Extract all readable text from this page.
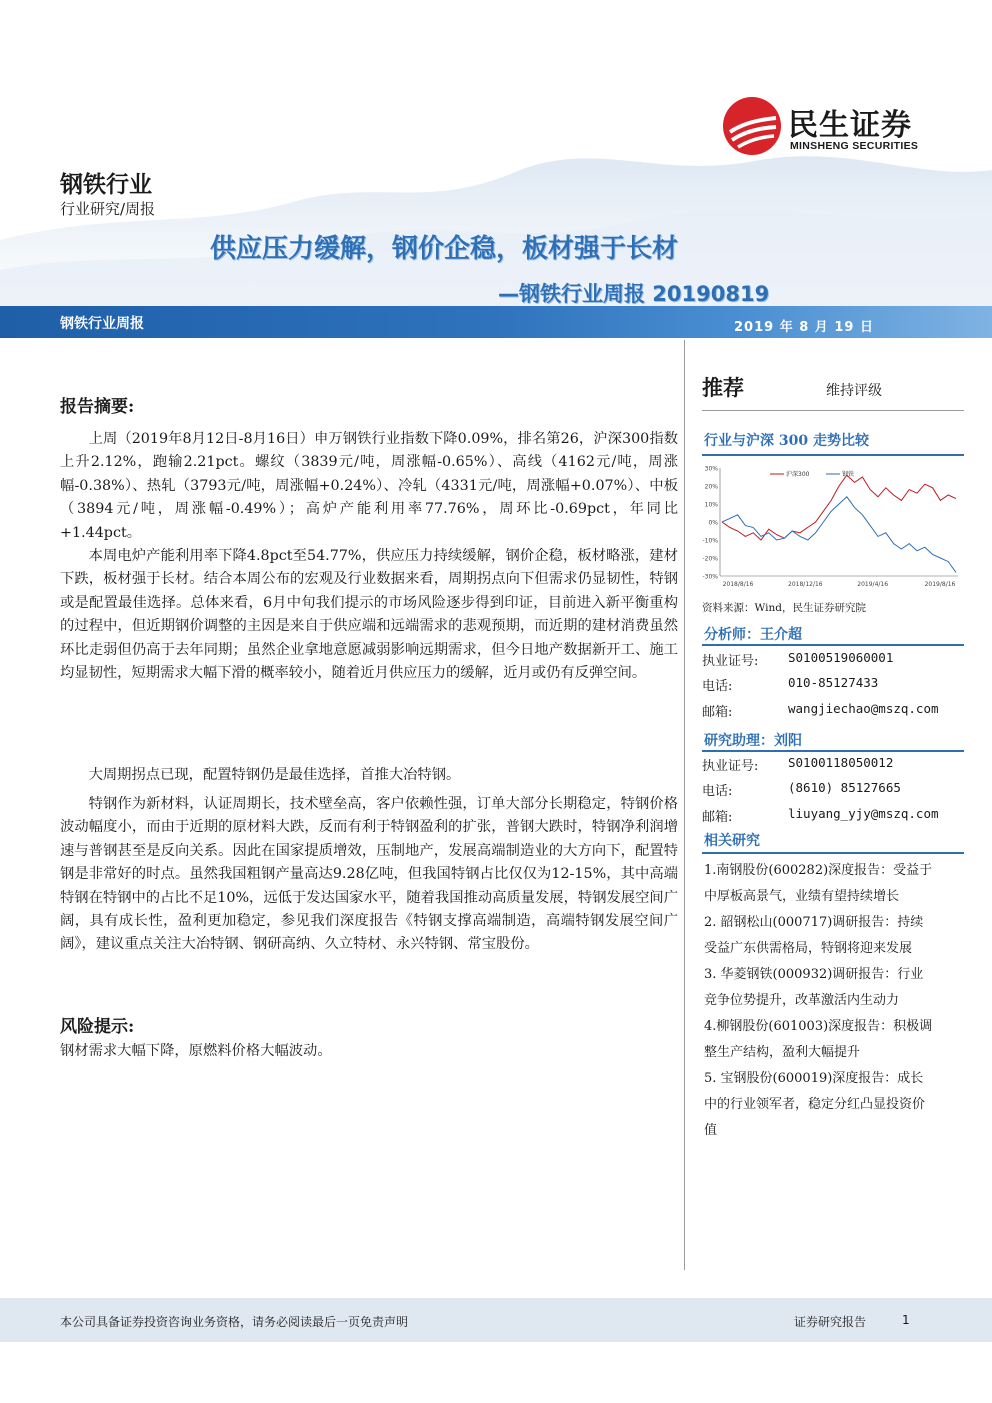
民生证券
MINSHENG SECURITIES
钢铁行业
行业研究/周报
供应压力缓解，钢价企稳，板材强于长材
—钢铁行业周报 20190819
钢铁行业周报	2019 年 8 月 19 日
报告摘要:
上周（2019年8月12日-8月16日）申万钢铁行业指数下降0.09%，排名第26，沪深300指数上升2.12%，跑输2.21pct。螺纹（3839元/吨，周涨幅-0.65%）、高线（4162元/吨，周涨幅-0.38%）、热轧（3793元/吨，周涨幅+0.24%）、冷轧（4331元/吨，周涨幅+0.07%）、中板（3894元/吨，周涨幅-0.49%）；高炉产能利用率77.76%，周环比-0.69pct，年同比+1.44pct。
本周电炉产能利用率下降4.8pct至54.77%，供应压力持续缓解，钢价企稳，板材略涨，建材下跌，板材强于长材。结合本周公布的宏观及行业数据来看，周期拐点向下但需求仍显韧性，特钢或是配置最佳选择。总体来看，6月中旬我们提示的市场风险逐步得到印证，目前进入新平衡重构的过程中，但近期钢价调整的主因是来自于供应端和远端需求的悲观预期，而近期的建材消费虽然环比走弱但仍高于去年同期；虽然企业拿地意愿减弱影响远期需求，但今日地产数据新开工、施工均显韧性，短期需求大幅下滑的概率较小，随着近月供应压力的缓解，近月或仍有反弹空间。
大周期拐点已现，配置特钢仍是最佳选择，首推大冶特钢。
特钢作为新材料，认证周期长，技术壁垒高，客户依赖性强，订单大部分长期稳定，特钢价格波动幅度小，而由于近期的原材料大跌，反而有利于特钢盈利的扩张，普钢大跌时，特钢净利润增速与普钢甚至是反向关系。因此在国家提质增效，压制地产，发展高端制造业的大方向下，配置特钢是非常好的时点。虽然我国粗钢产量高达9.28亿吨，但我国特钢占比仅仅为12-15%，其中高端特钢在特钢中的占比不足10%，远低于发达国家水平，随着我国推动高质量发展，特钢发展空间广阔，具有成长性，盈利更加稳定，参见我们深度报告《特钢支撑高端制造，高端特钢发展空间广阔》，建议重点关注大冶特钢、钢研高纳、久立特材、永兴特钢、常宝股份。
风险提示:
钢材需求大幅下降，原燃料价格大幅波动。
推荐	维持评级
行业与沪深 300 走势比较
30%
20%
10%
0%
-10%
-20%
-30%
2018/8/16	2018/12/16	2019/4/16	2019/8/16
沪深300	钢铁
资料来源：Wind，民生证券研究院
分析师：王介超
执业证号: S0100519060001
电话:	010-85127433
邮箱:	wangjiechao@mszq.com
研究助理：刘阳
执业证号: S0100118050012
电话:	(8610) 85127665
邮箱:	liuyang_yjy@mszq.com
相关研究
1.南钢股份(600282)深度报告：受益于
中厚板高景气，业绩有望持续增长
2. 韶钢松山(000717)调研报告：持续
受益广东供需格局，特钢将迎来发展
3. 华菱钢铁(000932)调研报告：行业
竞争位势提升，改革激活内生动力
4.柳钢股份(601003)深度报告：积极调
整生产结构，盈利大幅提升
5. 宝钢股份(600019)深度报告：成长
中的行业领军者，稳定分红凸显投资价
值
本公司具备证券投资咨询业务资格，请务必阅读最后一页免责声明	证券研究报告	1
